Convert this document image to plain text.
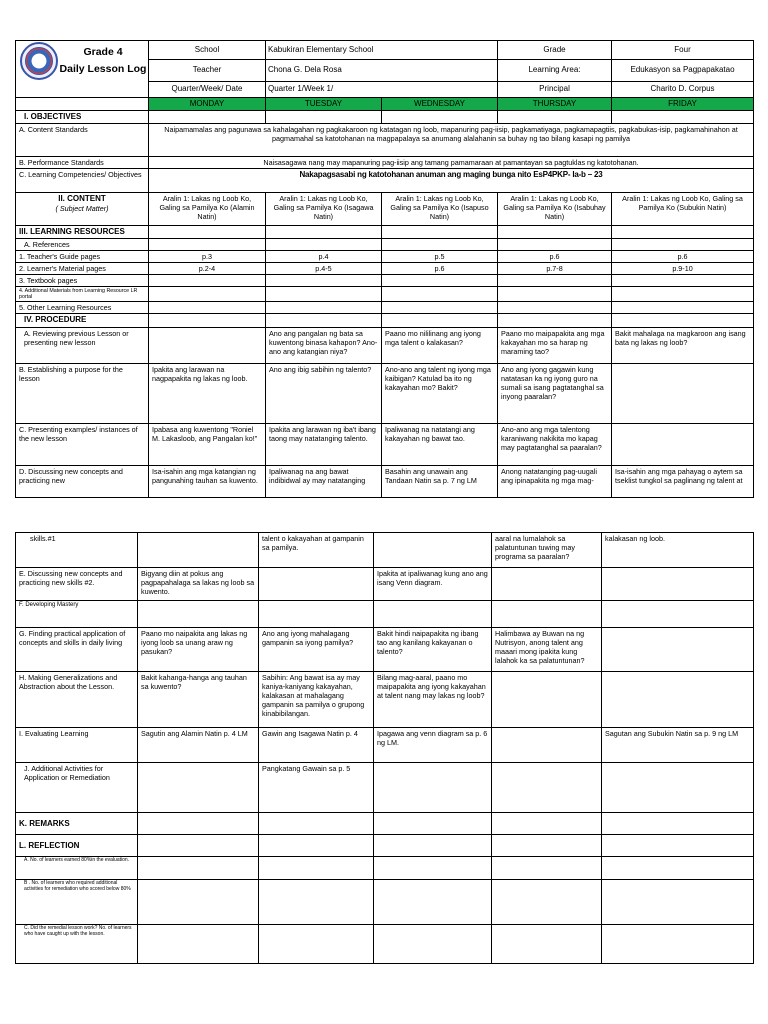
Grade 4
Daily Lesson Log	School	Kabukiran Elementary School		Grade	Four
	Teacher	Chona G. Dela Rosa		Learning Area:	Edukasyon sa Pagpapakatao
	Quarter/Week/ Date	Quarter 1/Week 1/		Principal	Charito D. Corpus
	MONDAY	TUESDAY	WEDNESDAY	THURSDAY	FRIDAY
I. OBJECTIVES					
A. Content Standards	Naipamamalas ang pagunawa sa kahalagahan ng pagkakaroon ng katatagan ng loob, mapanuring pag-iisip, pagkamatiyaga, pagkamapagtiis, pagkabukas-isip, pagkamahinahon at pagmamahal sa katotohanan na magpapalaya sa anumang alalahanin sa buhay ng tao bilang kasapi ng pamilya				
B. Performance Standards	Naisasagawa nang may mapanuring pag-iisip ang tamang pamamaraan at pamantayan sa pagtuklas ng katotohanan.				
C. Learning Competencies/ Objectives	Nakapagsasabi ng katotohanan anuman ang maging bunga nito EsP4PKP- Ia-b – 23				

II. CONTENT
( Subject Matter)	Aralin 1: Lakas ng Loob Ko, Galing sa Pamilya Ko (Alamin Natin)	Aralin 1: Lakas ng Loob Ko, Galing sa Pamilya Ko (Isagawa Natin)	Aralin 1: Lakas ng Loob Ko, Galing sa Pamilya Ko (Isapuso Natin)	Aralin 1: Lakas ng Loob Ko, Galing sa Pamilya Ko (Isabuhay Natin)	Aralin 1: Lakas ng Loob Ko, Galing sa Pamilya Ko (Subukin Natin)
III. LEARNING RESOURCES					
A. References					
1. Teacher's Guide pages	p.3	p.4	p.5	p.6	p.6
2. Learner's Material pages	p.2-4	p.4-5	p.6	p.7-8	p.9-10
3. Textbook pages					
4. Additional Materials from Learning Resource LR portal					
5. Other Learning Resources					
IV. PROCEDURE					
A. Reviewing previous Lesson or presenting new lesson		Ano ang pangalan ng bata sa kuwentong binasa kahapon? Ano-ano ang katangian niya?	Paano mo nililinang ang iyong mga talent o kalakasan?	Paano mo maipapakita ang mga kakayahan mo sa harap ng maraming tao?	Bakit mahalaga na magkaroon ang isang bata ng lakas ng loob?
B. Establishing a purpose for the lesson	Ipakita ang larawan na nagpapakita ng lakas ng loob.	Ano ang ibig sabihin ng talento?	Ano-ano ang talent ng iyong mga kaibigan? Katulad ba ito ng kakayahan mo? Bakit?	Ano ang iyong gagawin kung natatasan ka ng iyong guro na sumali sa isang pagtatanghal sa inyong paaralan?	
C. Presenting examples/ instances of the new lesson	Ipabasa ang kuwentong "Roniel M. Lakasloob, ang Pangalan ko!"	Ipakita ang larawan ng iba't ibang taong may natatanging talento.	Ipaliwanag na natatangi ang kakayahan ng bawat tao.	Ano-ano ang mga talentong karaniwang nakikita mo kapag may pagtatanghal sa paaralan?	
D. Discussing new concepts and practicing new	Isa-isahin ang mga katangian ng pangunahing tauhan sa kuwento.	Ipaliwanag na ang bawat indibidwal ay may natatanging	Basahin ang unawain ang Tandaan Natin sa p. 7 ng LM	Anong natatanging pag-uugali ang ipinapakita ng mga mag-	Isa-isahin ang mga pahayag o aytem sa tseklist tungkol sa paglinang ng talent at
skills.#1		talent o kakayahan at gampanin sa pamilya.		aaral na lumalahok sa palatuntunan tuwing may programa sa paaralan?	kalakasan ng loob.
E. Discussing new concepts and practicing new skills #2.	Bigyang diin at pokus ang pagpapahalaga sa lakas ng loob sa kuwento.		Ipakita at ipaliwanag kung ano ang isang Venn diagram.		
F. Developing Mastery					
G. Finding practical application of concepts and skills in daily living	Paano mo naipakita ang lakas ng iyong loob sa unang araw ng pasukan?	Ano ang iyong mahalagang gampanin sa iyong pamilya?	Bakit hindi naipapakita ng ibang tao ang kanilang kakayanan o talento?	Halimbawa ay Buwan na ng Nutrisyon, anong talent ang maaari mong ipakita kung lalahok ka sa palatuntunan?	
H. Making Generalizations and Abstraction about the Lesson.	Bakit kahanga-hanga ang tauhan sa kuwento?	Sabihin: Ang bawat isa ay may kaniya-kaniyang kakayahan, kalakasan at mahalagang gampanin sa pamilya o grupong kinabibilangan.	Bilang mag-aaral, paano mo maipapakita ang iyong kakayahan at talent nang may lakas ng loob?		
I. Evaluating Learning	Sagutin ang Alamin Natin p. 4 LM	Gawin ang Isagawa Natin p. 4	Ipagawa ang venn diagram sa p. 6 ng LM.		Sagutan ang Subukin Natin sa p. 9 ng LM
J. Additional Activities for Application or Remediation		Pangkatang Gawain sa p. 5			
K. REMARKS					
L. REFLECTION					
A. No. of learners earned 80%in the evaluation.					
B . No. of learners who required additional activities for remediation who scored below 80%					
C. Did the remedial lesson work? No. of learners who have caught up with the lesson.					
